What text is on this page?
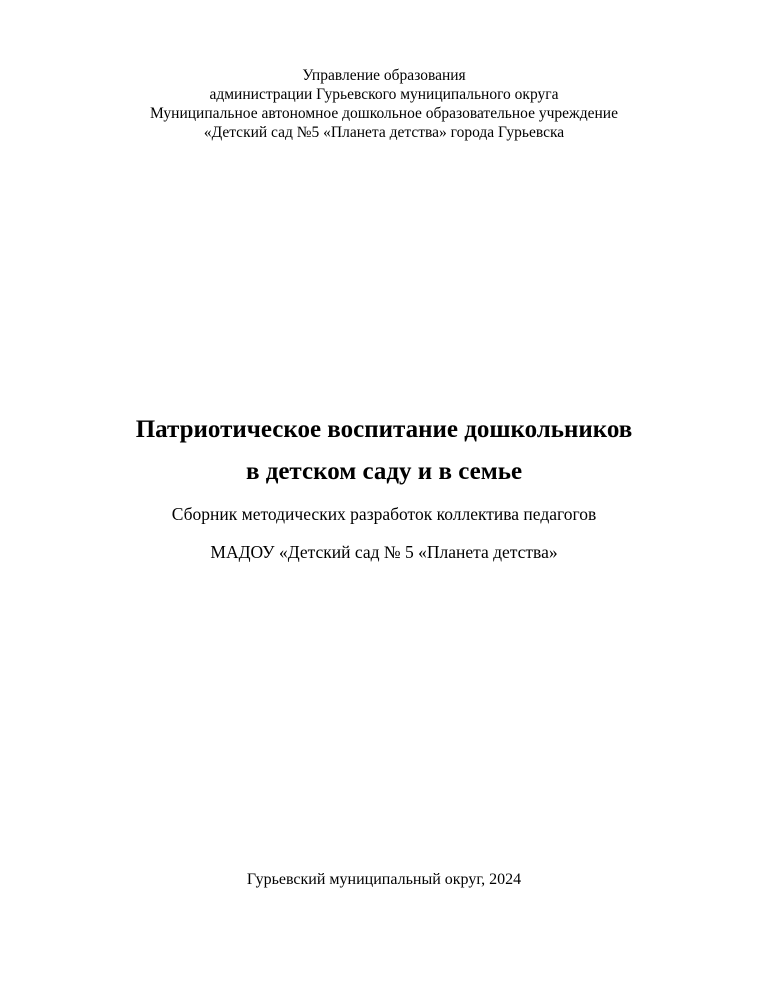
Управление образования
администрации Гурьевского муниципального округа
Муниципальное автономное дошкольное образовательное учреждение
«Детский сад №5 «Планета детства» города Гурьевска
Патриотическое воспитание дошкольников
в детском саду и в семье
Сборник методических разработок коллектива педагогов
МАДОУ «Детский сад № 5 «Планета детства»
Гурьевский муниципальный округ, 2024
